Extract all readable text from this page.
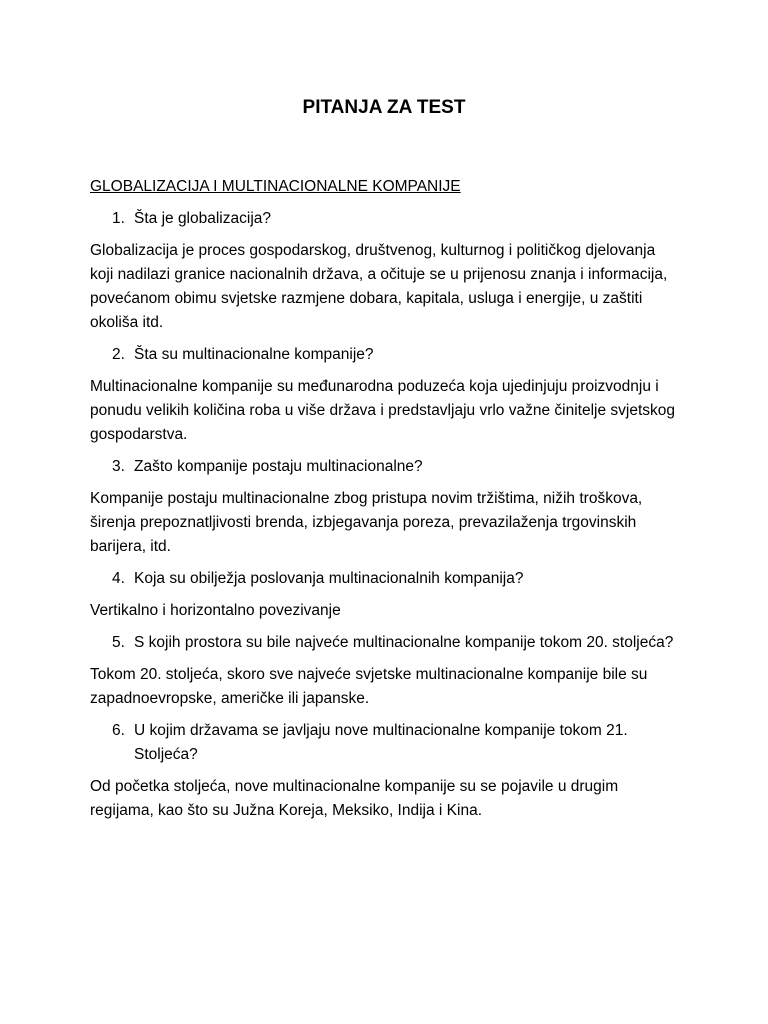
PITANJA ZA TEST
GLOBALIZACIJA I MULTINACIONALNE KOMPANIJE
1. Šta je globalizacija?

Globalizacija je proces gospodarskog, društvenog, kulturnog i političkog djelovanja koji nadilazi granice nacionalnih država, a očituje se u prijenosu znanja i informacija, povećanom obimu svjetske razmjene dobara, kapitala, usluga i energije, u zaštiti okoliša itd.

2. Šta su multinacionalne kompanije?

Multinacionalne kompanije su međunarodna poduzeća koja ujedinjuju proizvodnju i ponudu velikih količina roba u više država i predstavljaju vrlo važne činitelje svjetskog gospodarstva.

3. Zašto kompanije postaju multinacionalne?

Kompanije postaju multinacionalne zbog pristupa novim tržištima, nižih troškova, širenja prepoznatljivosti brenda, izbjegavanja poreza, prevazilaženja trgovinskih barijera, itd.

4. Koja su obilježja poslovanja multinacionalnih kompanija?

Vertikalno i horizontalno povezivanje

5. S kojih prostora su bile najveće multinacionalne kompanije tokom 20. stoljeća?

Tokom 20. stoljeća, skoro sve najveće svjetske multinacionalne kompanije bile su zapadnoevropske, američke ili japanske.

6. U kojim državama se javljaju nove multinacionalne kompanije tokom 21. Stoljeća?

Od početka stoljeća, nove multinacionalne kompanije su se pojavile u drugim regijama, kao što su Južna Koreja, Meksiko, Indija i Kina.
